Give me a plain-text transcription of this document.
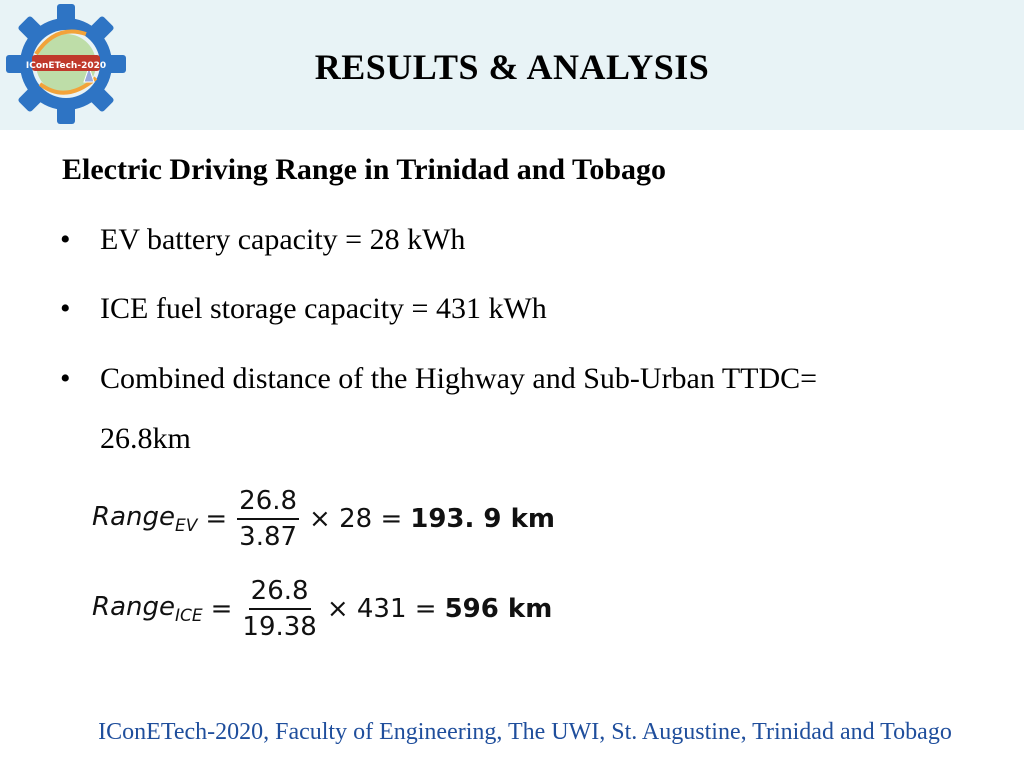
IConETech-2020	RESULTS & ANALYSIS
Electric Driving Range in Trinidad and Tobago
• EV battery capacity = 28 kWh
• ICE fuel storage capacity = 431 kWh
• Combined distance of the Highway and Sub-Urban TTDC=
26.8km
Range$_{EV}$ = $\frac{26.8}{3.87} \times 28 = 193$. 9 km
Range$_{ICE}$ = $\frac{26.8}{19.38} \times 431 = 596$ km
IConETech-2020, Faculty of Engineering, The UWI, St. Augustine, Trinidad and Tobago
